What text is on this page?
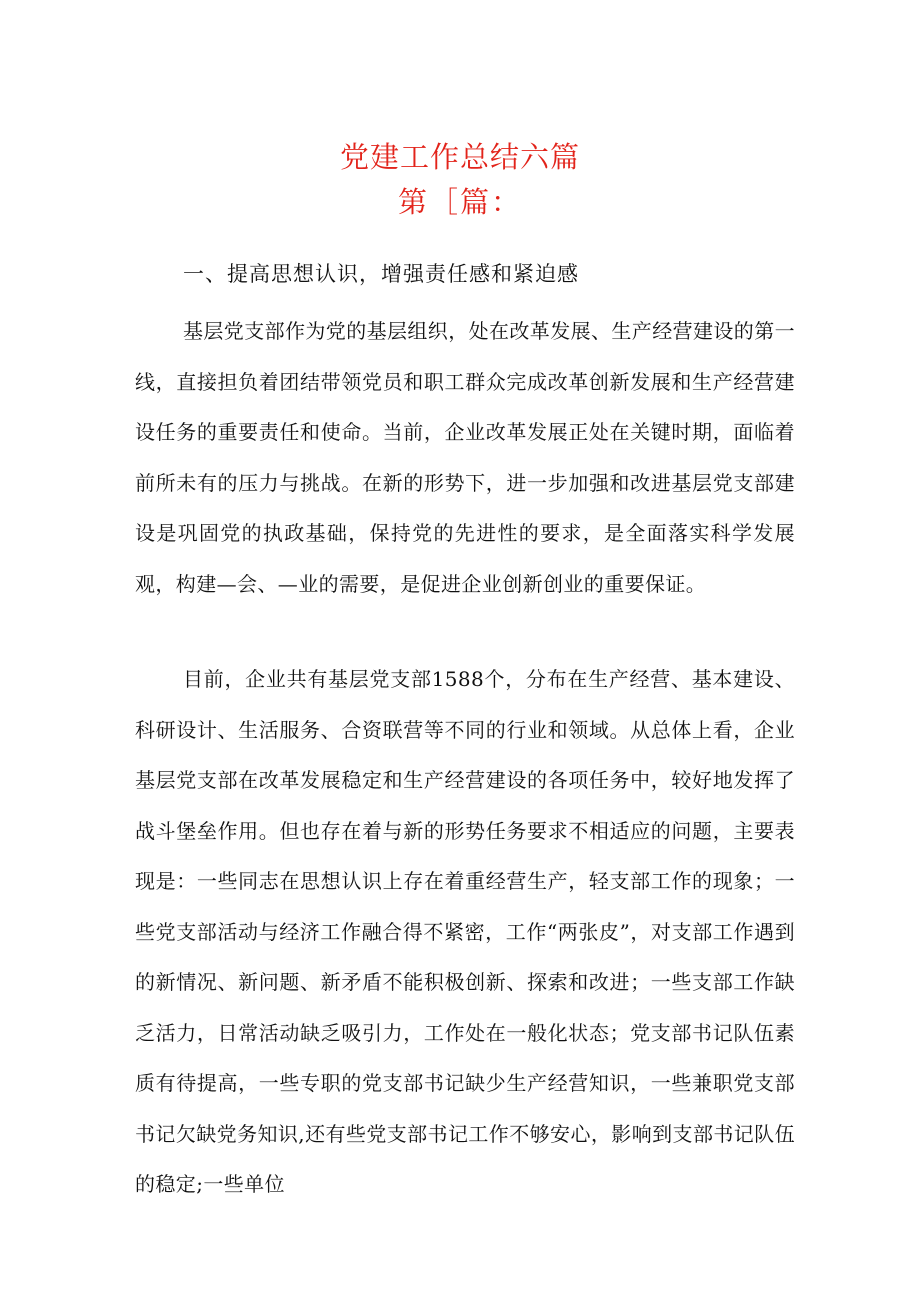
党建工作总结六篇
第［篇：
一、提高思想认识，增强责任感和紧迫感

基层党支部作为党的基层组织，处在改革发展、生产经营建设的第一线，直接担负着团结带领党员和职工群众完成改革创新发展和生产经营建设任务的重要责任和使命。当前，企业改革发展正处在关键时期，面临着前所未有的压力与挑战。在新的形势下，进一步加强和改进基层党支部建设是巩固党的执政基础，保持党的先进性的要求，是全面落实科学发展观，构建—会、—业的需要，是促进企业创新创业的重要保证。

目前，企业共有基层党支部1588个，分布在生产经营、基本建设、科研设计、生活服务、合资联营等不同的行业和领域。从总体上看，企业基层党支部在改革发展稳定和生产经营建设的各项任务中，较好地发挥了战斗堡垒作用。但也存在着与新的形势任务要求不相适应的问题，主要表现是：一些同志在思想认识上存在着重经营生产，轻支部工作的现象；一些党支部活动与经济工作融合得不紧密，工作“两张皮”，对支部工作遇到的新情况、新问题、新矛盾不能积极创新、探索和改进；一些支部工作缺乏活力，日常活动缺乏吸引力，工作处在一般化状态；党支部书记队伍素质有待提高，一些专职的党支部书记缺少生产经营知识，一些兼职党支部书记欠缺党务知识,还有些党支部书记工作不够安心，影响到支部书记队伍的稳定;一些单位
